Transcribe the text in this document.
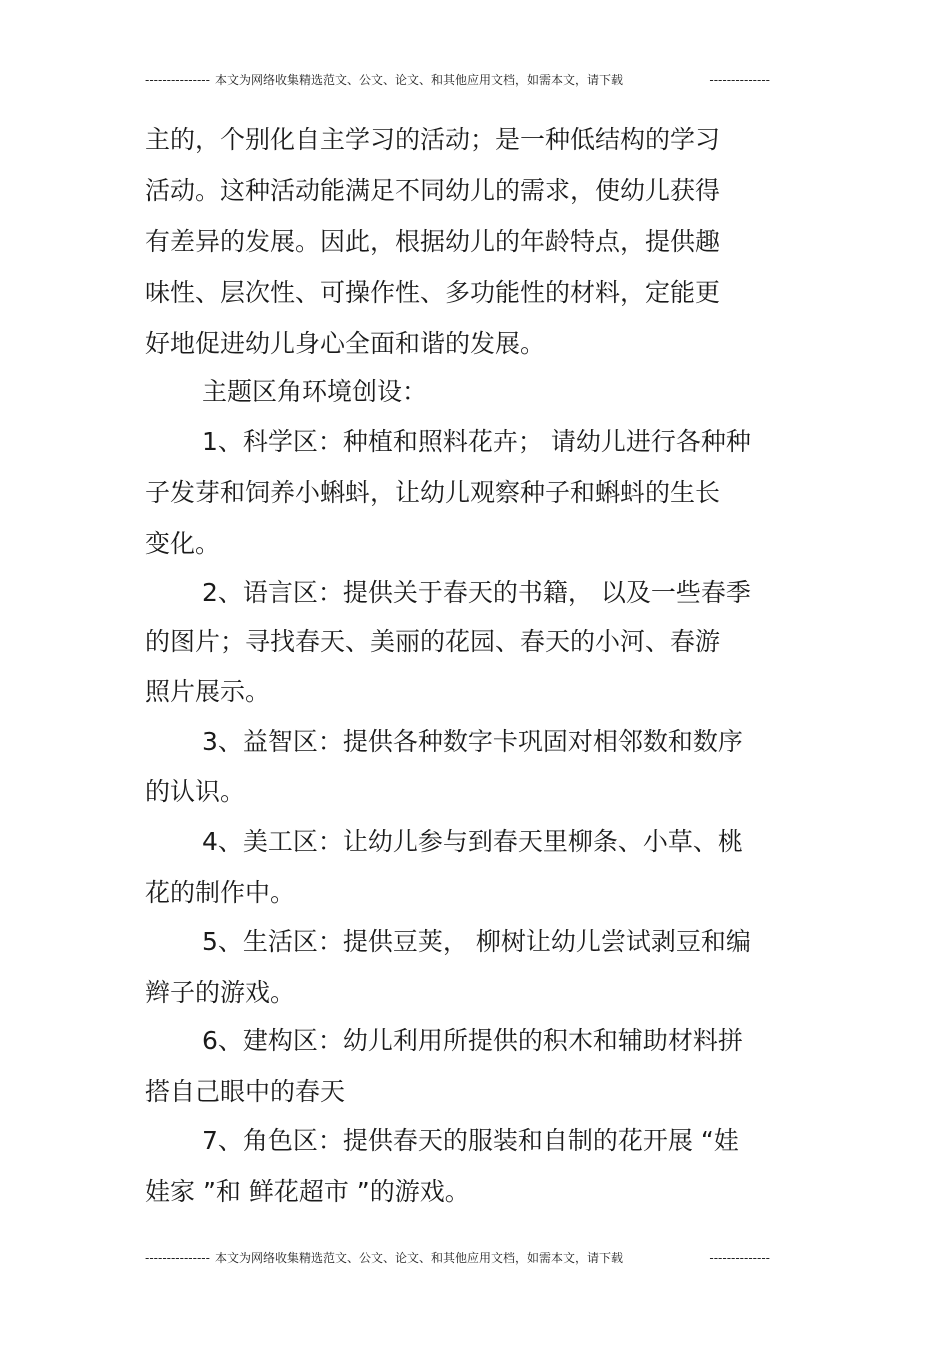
--------------- 本文为网络收集精选范文、公文、论文、和其他应用文档，如需本文，请下载	--------------
主的，个别化自主学习的活动；是一种低结构的学习
活动。这种活动能满足不同幼儿的需求，使幼儿获得
有差异的发展。因此，根据幼儿的年龄特点，提供趣
味性、层次性、可操作性、多功能性的材料，定能更
好地促进幼儿身心全面和谐的发展。
主题区角环境创设：
1、科学区：种植和照料花卉； 请幼儿进行各种种
子发芽和饲养小蝌蚪，让幼儿观察种子和蝌蚪的生长
变化。
2、语言区：提供关于春天的书籍， 以及一些春季
的图片；寻找春天、美丽的花园、春天的小河、春游
照片展示。
3、益智区：提供各种数字卡巩固对相邻数和数序
的认识。
4、美工区：让幼儿参与到春天里柳条、小草、桃
花的制作中。
5、生活区：提供豆荚， 柳树让幼儿尝试剥豆和编
辫子的游戏。
6、建构区：幼儿利用所提供的积木和辅助材料拼
搭自己眼中的春天
7、角色区：提供春天的服装和自制的花开展 “娃
娃家 ”和 鲜花超市 ”的游戏。
--------------- 本文为网络收集精选范文、公文、论文、和其他应用文档，如需本文，请下载	--------------
